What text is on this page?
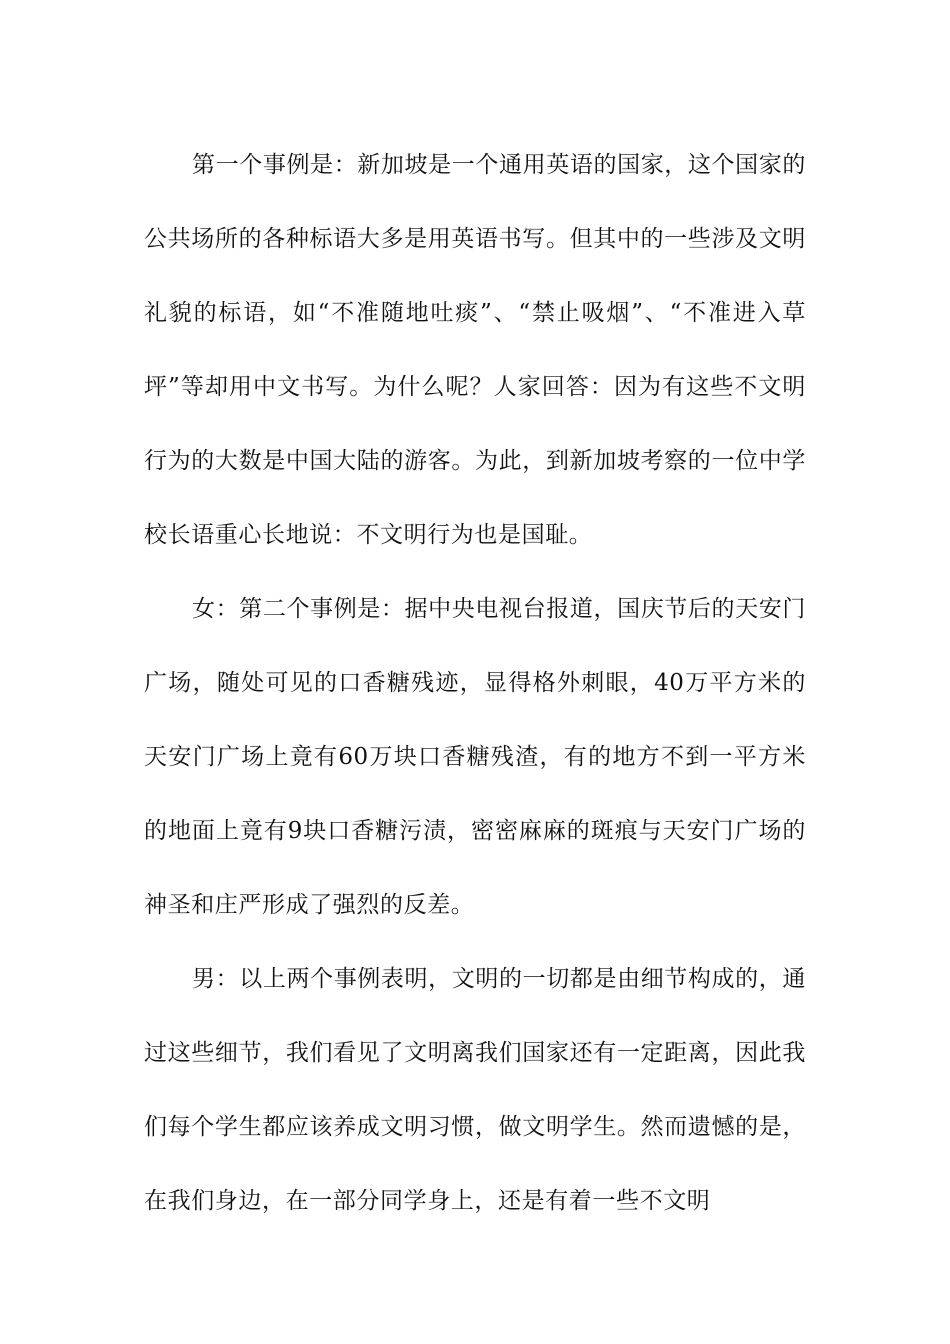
第一个事例是：新加坡是一个通用英语的国家，这个国家的公共场所的各种标语大多是用英语书写。但其中的一些涉及文明礼貌的标语，如“不准随地吐痰”、“禁止吸烟”、“不准进入草坪”等却用中文书写。为什么呢？人家回答：因为有这些不文明行为的大数是中国大陆的游客。为此，到新加坡考察的一位中学校长语重心长地说：不文明行为也是国耻。

女：第二个事例是：据中央电视台报道，国庆节后的天安门广场，随处可见的口香糖残迹，显得格外刺眼，40万平方米的天安门广场上竟有60万块口香糖残渣，有的地方不到一平方米的地面上竟有9块口香糖污渍，密密麻麻的斑痕与天安门广场的神圣和庄严形成了强烈的反差。

男：以上两个事例表明，文明的一切都是由细节构成的，通过这些细节，我们看见了文明离我们国家还有一定距离，因此我们每个学生都应该养成文明习惯，做文明学生。然而遗憾的是，在我们身边，在一部分同学身上，还是有着一些不文明
